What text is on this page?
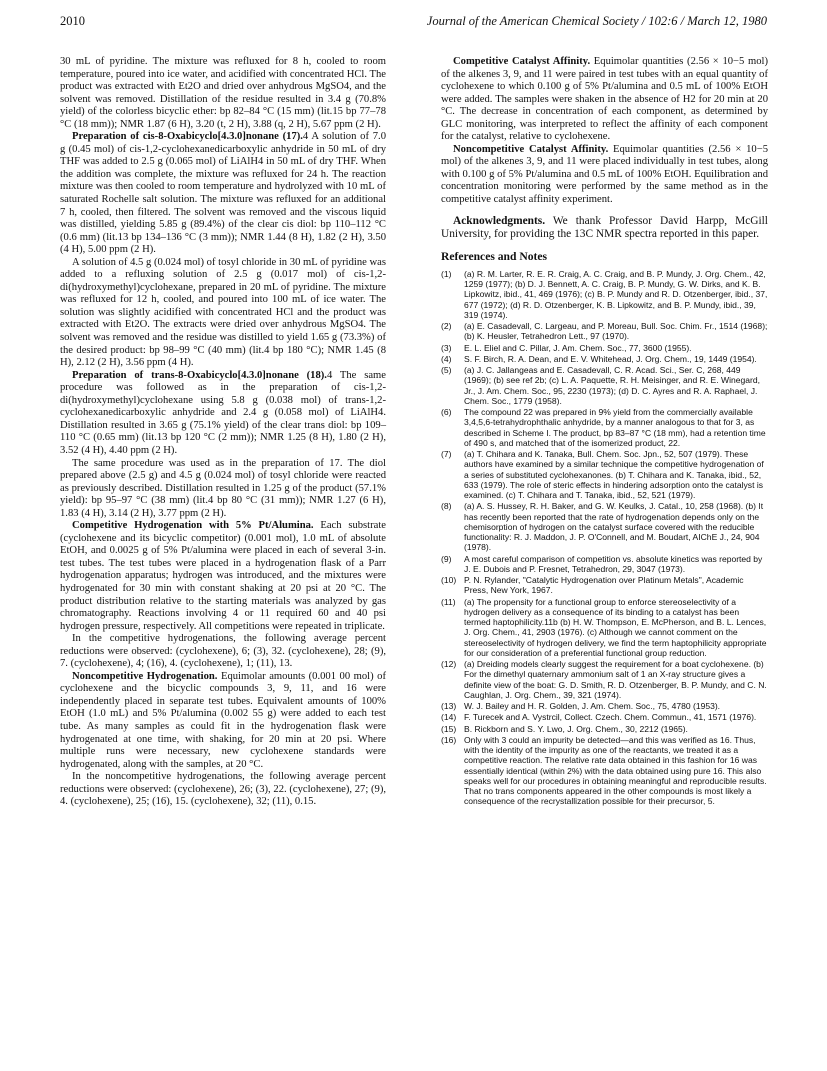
2010	Journal of the American Chemical Society / 102:6 / March 12, 1980

30 mL of pyridine. The mixture was refluxed for 8 h, cooled to room temperature, poured into ice water, and acidified with concentrated HCl. The product was extracted with Et2O and dried over anhydrous MgSO4, and the solvent was removed. Distillation of the residue resulted in 3.4 g (70.8% yield) of the colorless bicyclic ether: bp 82–84 °C (15 mm) (lit.15 bp 77–78 °C (18 mm)); NMR 1.87 (6 H), 3.20 (t, 2 H), 3.88 (q, 2 H), 5.67 ppm (2 H).

Preparation of cis-8-Oxabicyclo[4.3.0]nonane (17).4 A solution of 7.0 g (0.45 mol) of cis-1,2-cyclohexanedicarboxylic anhydride in 50 mL of dry THF was added to 2.5 g (0.065 mol) of LiAlH4 in 50 mL of dry THF. When the addition was complete, the mixture was refluxed for 24 h. The reaction mixture was then cooled to room temperature and hydrolyzed with 10 mL of saturated Rochelle salt solution. The mixture was refluxed for an additional 7 h, cooled, then filtered. The solvent was removed and the viscous liquid was distilled, yielding 5.85 g (89.4%) of the clear cis diol: bp 110–112 °C (0.6 mm) (lit.13 bp 134–136 °C (3 mm)); NMR 1.44 (8 H), 1.82 (2 H), 3.50 (4 H), 5.00 ppm (2 H).

A solution of 4.5 g (0.024 mol) of tosyl chloride in 30 mL of pyridine was added to a refluxing solution of 2.5 g (0.017 mol) of cis-1,2-di(hydroxymethyl)cyclohexane, prepared in 20 mL of pyridine. The mixture was refluxed for 12 h, cooled, and poured into 100 mL of ice water. The solution was slightly acidified with concentrated HCl and the product was extracted with Et2O. The extracts were dried over anhydrous MgSO4. The solvent was removed and the residue was distilled to yield 1.65 g (73.3%) of the desired product: bp 98–99 °C (40 mm) (lit.4 bp 180 °C); NMR 1.45 (8 H), 2.12 (2 H), 3.56 ppm (4 H).

Preparation of trans-8-Oxabicyclo[4.3.0]nonane (18).4 The same procedure was followed as in the preparation of cis-1,2-di(hydroxymethyl)cyclohexane using 5.8 g (0.038 mol) of trans-1,2-cyclohexanedicarboxylic anhydride and 2.4 g (0.058 mol) of LiAlH4. Distillation resulted in 3.65 g (75.1% yield) of the clear trans diol: bp 109–110 °C (0.65 mm) (lit.13 bp 120 °C (2 mm)); NMR 1.25 (8 H), 1.80 (2 H), 3.52 (4 H), 4.40 ppm (2 H).

The same procedure was used as in the preparation of 17. The diol prepared above (2.5 g) and 4.5 g (0.024 mol) of tosyl chloride were reacted as previously described. Distillation resulted in 1.25 g of the product (57.1% yield): bp 95–97 °C (38 mm) (lit.4 bp 80 °C (31 mm)); NMR 1.27 (6 H), 1.83 (4 H), 3.14 (2 H), 3.77 ppm (2 H).

Competitive Hydrogenation with 5% Pt/Alumina. Each substrate (cyclohexene and its bicyclic competitor) (0.001 mol), 1.0 mL of absolute EtOH, and 0.0025 g of 5% Pt/alumina were placed in each of several 3-in. test tubes. The test tubes were placed in a hydrogenation flask of a Parr hydrogenation apparatus; hydrogen was introduced, and the mixtures were hydrogenated for 30 min with constant shaking at 20 psi at 20 °C. The product distribution relative to the starting materials was analyzed by gas chromatography. Reactions involving 4 or 11 required 60 and 40 psi hydrogen pressure, respectively. All competitions were repeated in triplicate.

In the competitive hydrogenations, the following average percent reductions were observed: (cyclohexene), 6; (3), 32. (cyclohexene), 28; (9), 7. (cyclohexene), 4; (16), 4. (cyclohexene), 1; (11), 13.

Noncompetitive Hydrogenation. Equimolar amounts (0.001 00 mol) of cyclohexene and the bicyclic compounds 3, 9, 11, and 16 were independently placed in separate test tubes. Equivalent amounts of 100% EtOH (1.0 mL) and 5% Pt/alumina (0.002 55 g) were added to each test tube. As many samples as could fit in the hydrogenation flask were hydrogenated at one time, with shaking, for 20 min at 20 psi. Where multiple runs were necessary, new cyclohexene standards were hydrogenated, along with the samples, at 20 °C.

In the noncompetitive hydrogenations, the following average percent reductions were observed: (cyclohexene), 26; (3), 22. (cyclohexene), 27; (9), 4. (cyclohexene), 25; (16), 15. (cyclohexene), 32; (11), 0.15.

Competitive Catalyst Affinity. Equimolar quantities (2.56 × 10−5 mol) of the alkenes 3, 9, and 11 were paired in test tubes with an equal quantity of cyclohexene to which 0.100 g of 5% Pt/alumina and 0.5 mL of 100% EtOH were added. The samples were shaken in the absence of H2 for 20 min at 20 °C. The decrease in concentration of each component, as determined by GLC monitoring, was interpreted to reflect the affinity of each component for the catalyst, relative to cyclohexene.

Noncompetitive Catalyst Affinity. Equimolar quantities (2.56 × 10−5 mol) of the alkenes 3, 9, and 11 were placed individually in test tubes, along with 0.100 g of 5% Pt/alumina and 0.5 mL of 100% EtOH. Equilibration and concentration monitoring were performed by the same method as in the competitive catalyst affinity experiment.

Acknowledgments. We thank Professor David Harpp, McGill University, for providing the 13C NMR spectra reported in this paper.

References and Notes
(1) (a) R. M. Larter, R. E. R. Craig, A. C. Craig, and B. P. Mundy, J. Org. Chem., 42, 1259 (1977); (b) D. J. Bennett, A. C. Craig, B. P. Mundy, G. W. Dirks, and K. B. Lipkowitz, ibid., 41, 469 (1976); (c) B. P. Mundy and R. D. Otzenberger, ibid., 37, 677 (1972); (d) R. D. Otzenberger, K. B. Lipkowitz, and B. P. Mundy, ibid., 39, 319 (1974).
(2) (a) E. Casadevall, C. Largeau, and P. Moreau, Bull. Soc. Chim. Fr., 1514 (1968); (b) K. Heusler, Tetrahedron Lett., 97 (1970).
(3) E. L. Eliel and C. Pillar, J. Am. Chem. Soc., 77, 3600 (1955).
(4) S. F. Birch, R. A. Dean, and E. V. Whitehead, J. Org. Chem., 19, 1449 (1954).
(5) (a) J. C. Jallangeas and E. Casadevall, C. R. Acad. Sci., Ser. C, 268, 449 (1969); (b) see ref 2b; (c) L. A. Paquette, R. H. Meisinger, and R. E. Winegard, Jr., J. Am. Chem. Soc., 95, 2230 (1973); (d) D. C. Ayres and R. A. Raphael, J. Chem. Soc., 1779 (1958).
(6) The compound 22 was prepared in 9% yield from the commercially available 3,4,5,6-tetrahydrophthalic anhydride, by a manner analogous to that for 3, as described in Scheme I. The product, bp 83–87 °C (18 mm), had a retention time of 490 s, and matched that of the isomerized product, 22.
(7) (a) T. Chihara and K. Tanaka, Bull. Chem. Soc. Jpn., 52, 507 (1979). These authors have examined by a similar technique the competitive hydrogenation of a series of substituted cyclohexanones. (b) T. Chihara and K. Tanaka, ibid., 52, 633 (1979). The role of steric effects in hindering adsorption onto the catalyst is examined. (c) T. Chihara and T. Tanaka, ibid., 52, 521 (1979).
(8) (a) A. S. Hussey, R. H. Baker, and G. W. Keulks, J. Catal., 10, 258 (1968). (b) It has recently been reported that the rate of hydrogenation depends only on the chemisorption of hydrogen on the catalyst surface covered with the reducible functionality: R. J. Maddon, J. P. O'Connell, and M. Boudart, AIChE J., 24, 904 (1978).
(9) A most careful comparison of competition vs. absolute kinetics was reported by J. E. Dubois and P. Fresnet, Tetrahedron, 29, 3047 (1973).
(10) P. N. Rylander, "Catalytic Hydrogenation over Platinum Metals", Academic Press, New York, 1967.
(11) (a) The propensity for a functional group to enforce stereoselectivity of a hydrogen delivery as a consequence of its binding to a catalyst has been termed haptophilicity.11b (b) H. W. Thompson, E. McPherson, and B. L. Lences, J. Org. Chem., 41, 2903 (1976). (c) Although we cannot comment on the stereoselectivity of hydrogen delivery, we find the term haptophilicity appropriate for our consideration of a preferential functional group reduction.
(12) (a) Dreiding models clearly suggest the requirement for a boat cyclohexene. (b) For the dimethyl quaternary ammonium salt of 1 an X-ray structure gives a definite view of the boat: G. D. Smith, R. D. Otzenberger, B. P. Mundy, and C. N. Caughlan, J. Org. Chem., 39, 321 (1974).
(13) W. J. Bailey and H. R. Golden, J. Am. Chem. Soc., 75, 4780 (1953).
(14) F. Turecek and A. Vystrcil, Collect. Czech. Chem. Commun., 41, 1571 (1976).
(15) B. Rickborn and S. Y. Lwo, J. Org. Chem., 30, 2212 (1965).
(16) Only with 3 could an impurity be detected—and this was verified as 16. Thus, with the identity of the impurity as one of the reactants, we treated it as a competitive reaction. The relative rate data obtained in this fashion for 16 was essentially identical (within 2%) with the data obtained using pure 16. This also speaks well for our procedures in obtaining meaningful and reproducible results. That no trans components appeared in the other compounds is most likely a consequence of the recrystallization possible for their precursor, 5.
